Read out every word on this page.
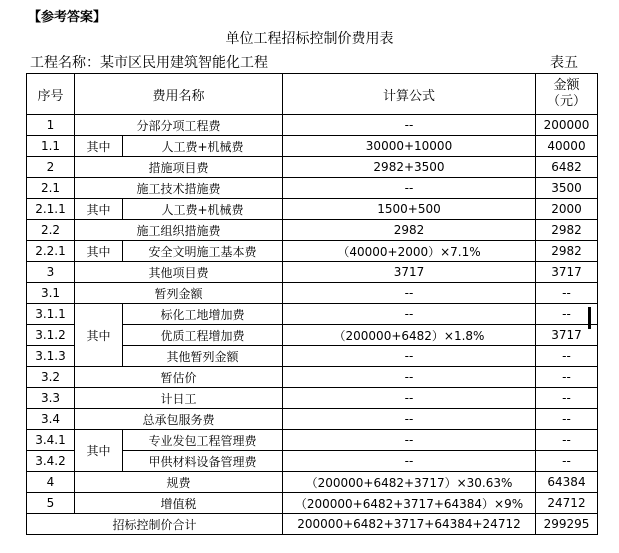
【参考答案】
单位工程招标控制价费用表
工程名称：某市区民用建筑智能化工程	表五
序号	费用名称		计算公式	金额
（元）
1	分部分项工程费		--	200000
1.1	其中	人工费+机械费	30000+10000	40000
2	措施项目费		2982+3500	6482
2.1	施工技术措施费		--	3500
2.1.1	其中	人工费+机械费	1500+500	2000
2.2	施工组织措施费		2982	2982
2.2.1	其中	安全文明施工基本费	（40000+2000）×7.1%	2982
3	其他项目费		3717	3717
3.1	暂列金额		--	--
3.1.1	其中	标化工地增加费	--	--
3.1.2		优质工程增加费	（200000+6482）×1.8%	3717
3.1.3		其他暂列金额	--	--
3.2	暂估价		--	--
3.3	计日工		--	--
3.4	总承包服务费		--	--
3.4.1	其中	专业发包工程管理费	--	--
3.4.2		甲供材料设备管理费	--	--
4	规费		（200000+6482+3717）×30.63%	64384
5	增值税		（200000+6482+3717+64384）×9%	24712
招标控制价合计			200000+6482+3717+64384+24712	299295
